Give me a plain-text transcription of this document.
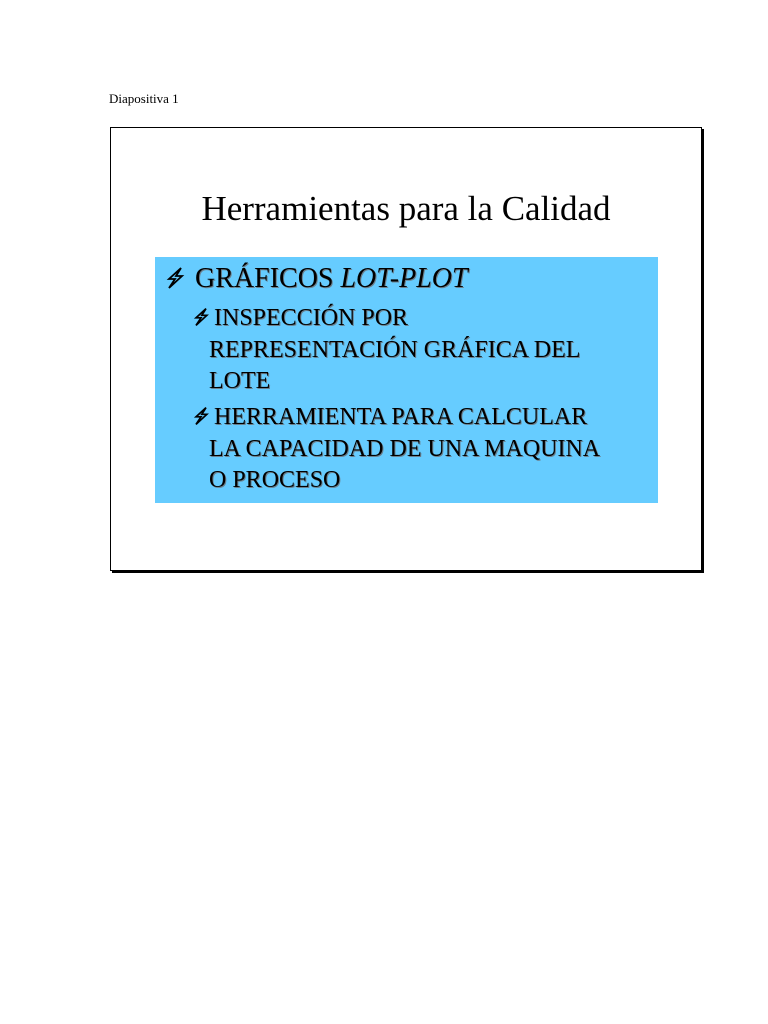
Diapositiva 1
Herramientas para la Calidad
GRÁFICOS LOT-PLOT
INSPECCIÓN POR
REPRESENTACIÓN GRÁFICA DEL
LOTE
HERRAMIENTA PARA CALCULAR
LA CAPACIDAD DE UNA MAQUINA
O PROCESO
